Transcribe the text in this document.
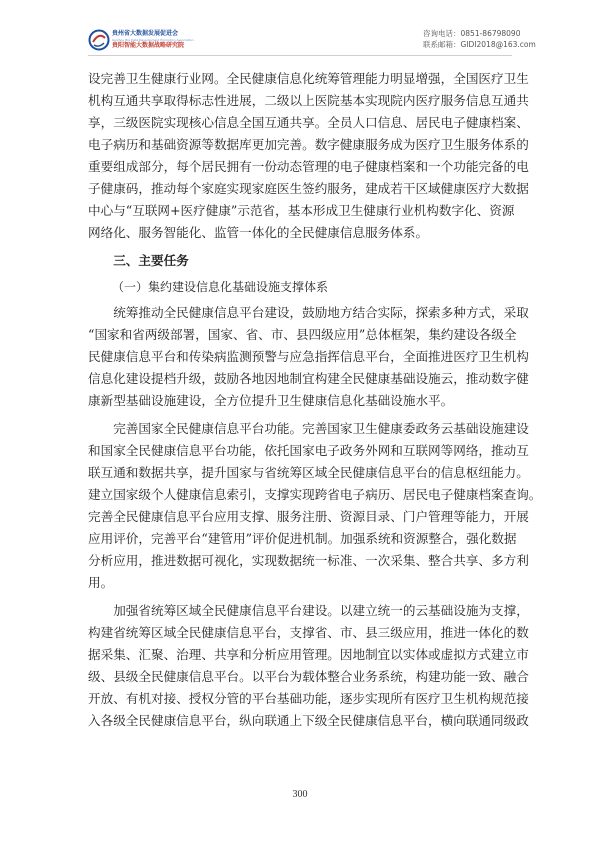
贵州省大数据发展促进会
Guizhou Big Data Development Promotion Association
贵阳智能大数据战略研究院
咨询电话：0851-86798090
联系邮箱：GIDI2018@163.com
设完善卫生健康行业网。全民健康信息化统筹管理能力明显增强，全国医疗卫生
机构互通共享取得标志性进展，二级以上医院基本实现院内医疗服务信息互通共
享，三级医院实现核心信息全国互通共享。全员人口信息、居民电子健康档案、
电子病历和基础资源等数据库更加完善。数字健康服务成为医疗卫生服务体系的
重要组成部分，每个居民拥有一份动态管理的电子健康档案和一个功能完备的电
子健康码，推动每个家庭实现家庭医生签约服务，建成若干区域健康医疗大数据
中心与“互联网+医疗健康”示范省，基本形成卫生健康行业机构数字化、资源
网络化、服务智能化、监管一体化的全民健康信息服务体系。
三、主要任务
（一）集约建设信息化基础设施支撑体系
统筹推动全民健康信息平台建设，鼓励地方结合实际，探索多种方式，采取
“国家和省两级部署，国家、省、市、县四级应用”总体框架，集约建设各级全
民健康信息平台和传染病监测预警与应急指挥信息平台，全面推进医疗卫生机构
信息化建设提档升级，鼓励各地因地制宜构建全民健康基础设施云，推动数字健
康新型基础设施建设，全方位提升卫生健康信息化基础设施水平。
完善国家全民健康信息平台功能。完善国家卫生健康委政务云基础设施建设
和国家全民健康信息平台功能，依托国家电子政务外网和互联网等网络，推动互
联互通和数据共享，提升国家与省统筹区域全民健康信息平台的信息枢纽能力。
建立国家级个人健康信息索引，支撑实现跨省电子病历、居民电子健康档案查询。
完善全民健康信息平台应用支撑、服务注册、资源目录、门户管理等能力，开展
应用评价，完善平台“建管用”评价促进机制。加强系统和资源整合，强化数据
分析应用，推进数据可视化，实现数据统一标准、一次采集、整合共享、多方利
用。
加强省统筹区域全民健康信息平台建设。以建立统一的云基础设施为支撑，
构建省统筹区域全民健康信息平台，支撑省、市、县三级应用，推进一体化的数
据采集、汇聚、治理、共享和分析应用管理。因地制宜以实体或虚拟方式建立市
级、县级全民健康信息平台。以平台为载体整合业务系统，构建功能一致、融合
开放、有机对接、授权分管的平台基础功能，逐步实现所有医疗卫生机构规范接
入各级全民健康信息平台，纵向联通上下级全民健康信息平台，横向联通同级政
300
